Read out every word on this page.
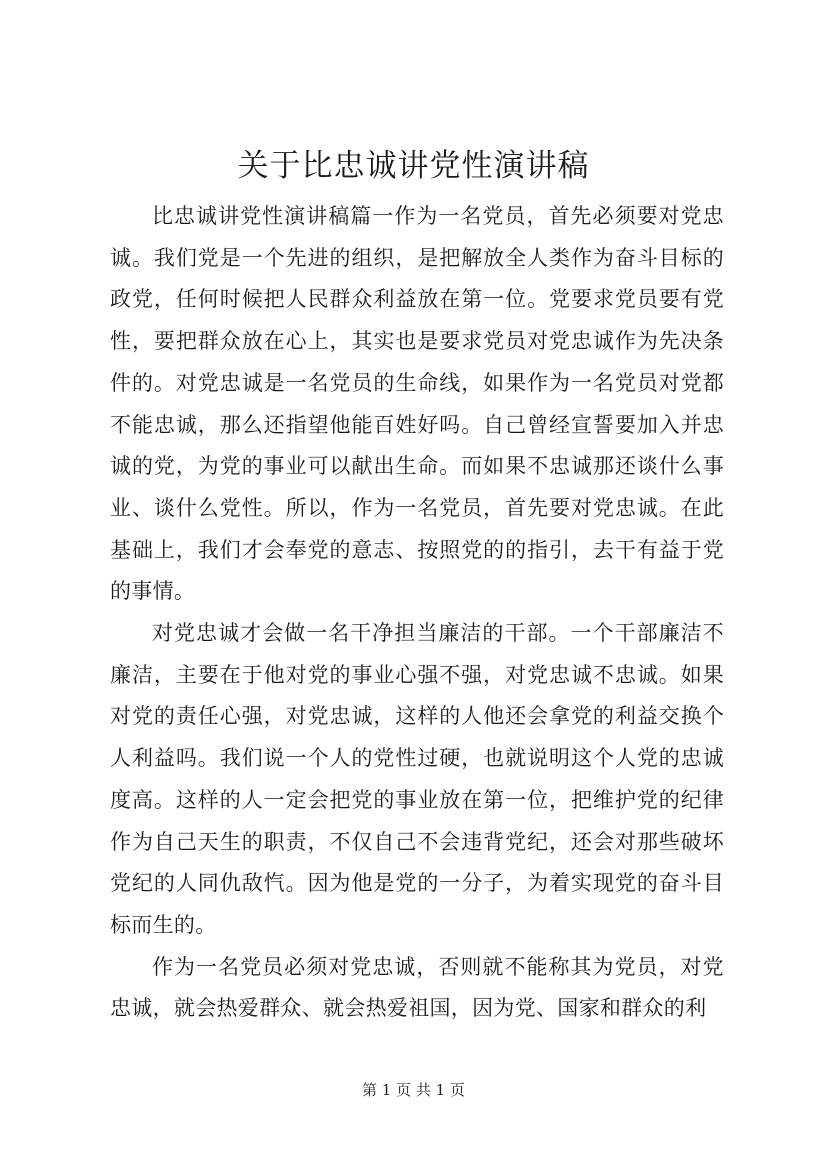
关于比忠诚讲党性演讲稿

比忠诚讲党性演讲稿篇一作为一名党员，首先必须要对党忠诚。我们党是一个先进的组织，是把解放全人类作为奋斗目标的政党，任何时候把人民群众利益放在第一位。党要求党员要有党性，要把群众放在心上，其实也是要求党员对党忠诚作为先决条件的。对党忠诚是一名党员的生命线，如果作为一名党员对党都不能忠诚，那么还指望他能百姓好吗。自己曾经宣誓要加入并忠诚的党，为党的事业可以献出生命。而如果不忠诚那还谈什么事业、谈什么党性。所以，作为一名党员，首先要对党忠诚。在此基础上，我们才会奉党的意志、按照党的的指引，去干有益于党的事情。

对党忠诚才会做一名干净担当廉洁的干部。一个干部廉洁不廉洁，主要在于他对党的事业心强不强，对党忠诚不忠诚。如果对党的责任心强，对党忠诚，这样的人他还会拿党的利益交换个人利益吗。我们说一个人的党性过硬，也就说明这个人党的忠诚度高。这样的人一定会把党的事业放在第一位，把维护党的纪律作为自己天生的职责，不仅自己不会违背党纪，还会对那些破坏党纪的人同仇敌忾。因为他是党的一分子，为着实现党的奋斗目标而生的。

作为一名党员必须对党忠诚，否则就不能称其为党员，对党忠诚，就会热爱群众、就会热爱祖国，因为党、国家和群众的利

第 1 页 共 1 页
